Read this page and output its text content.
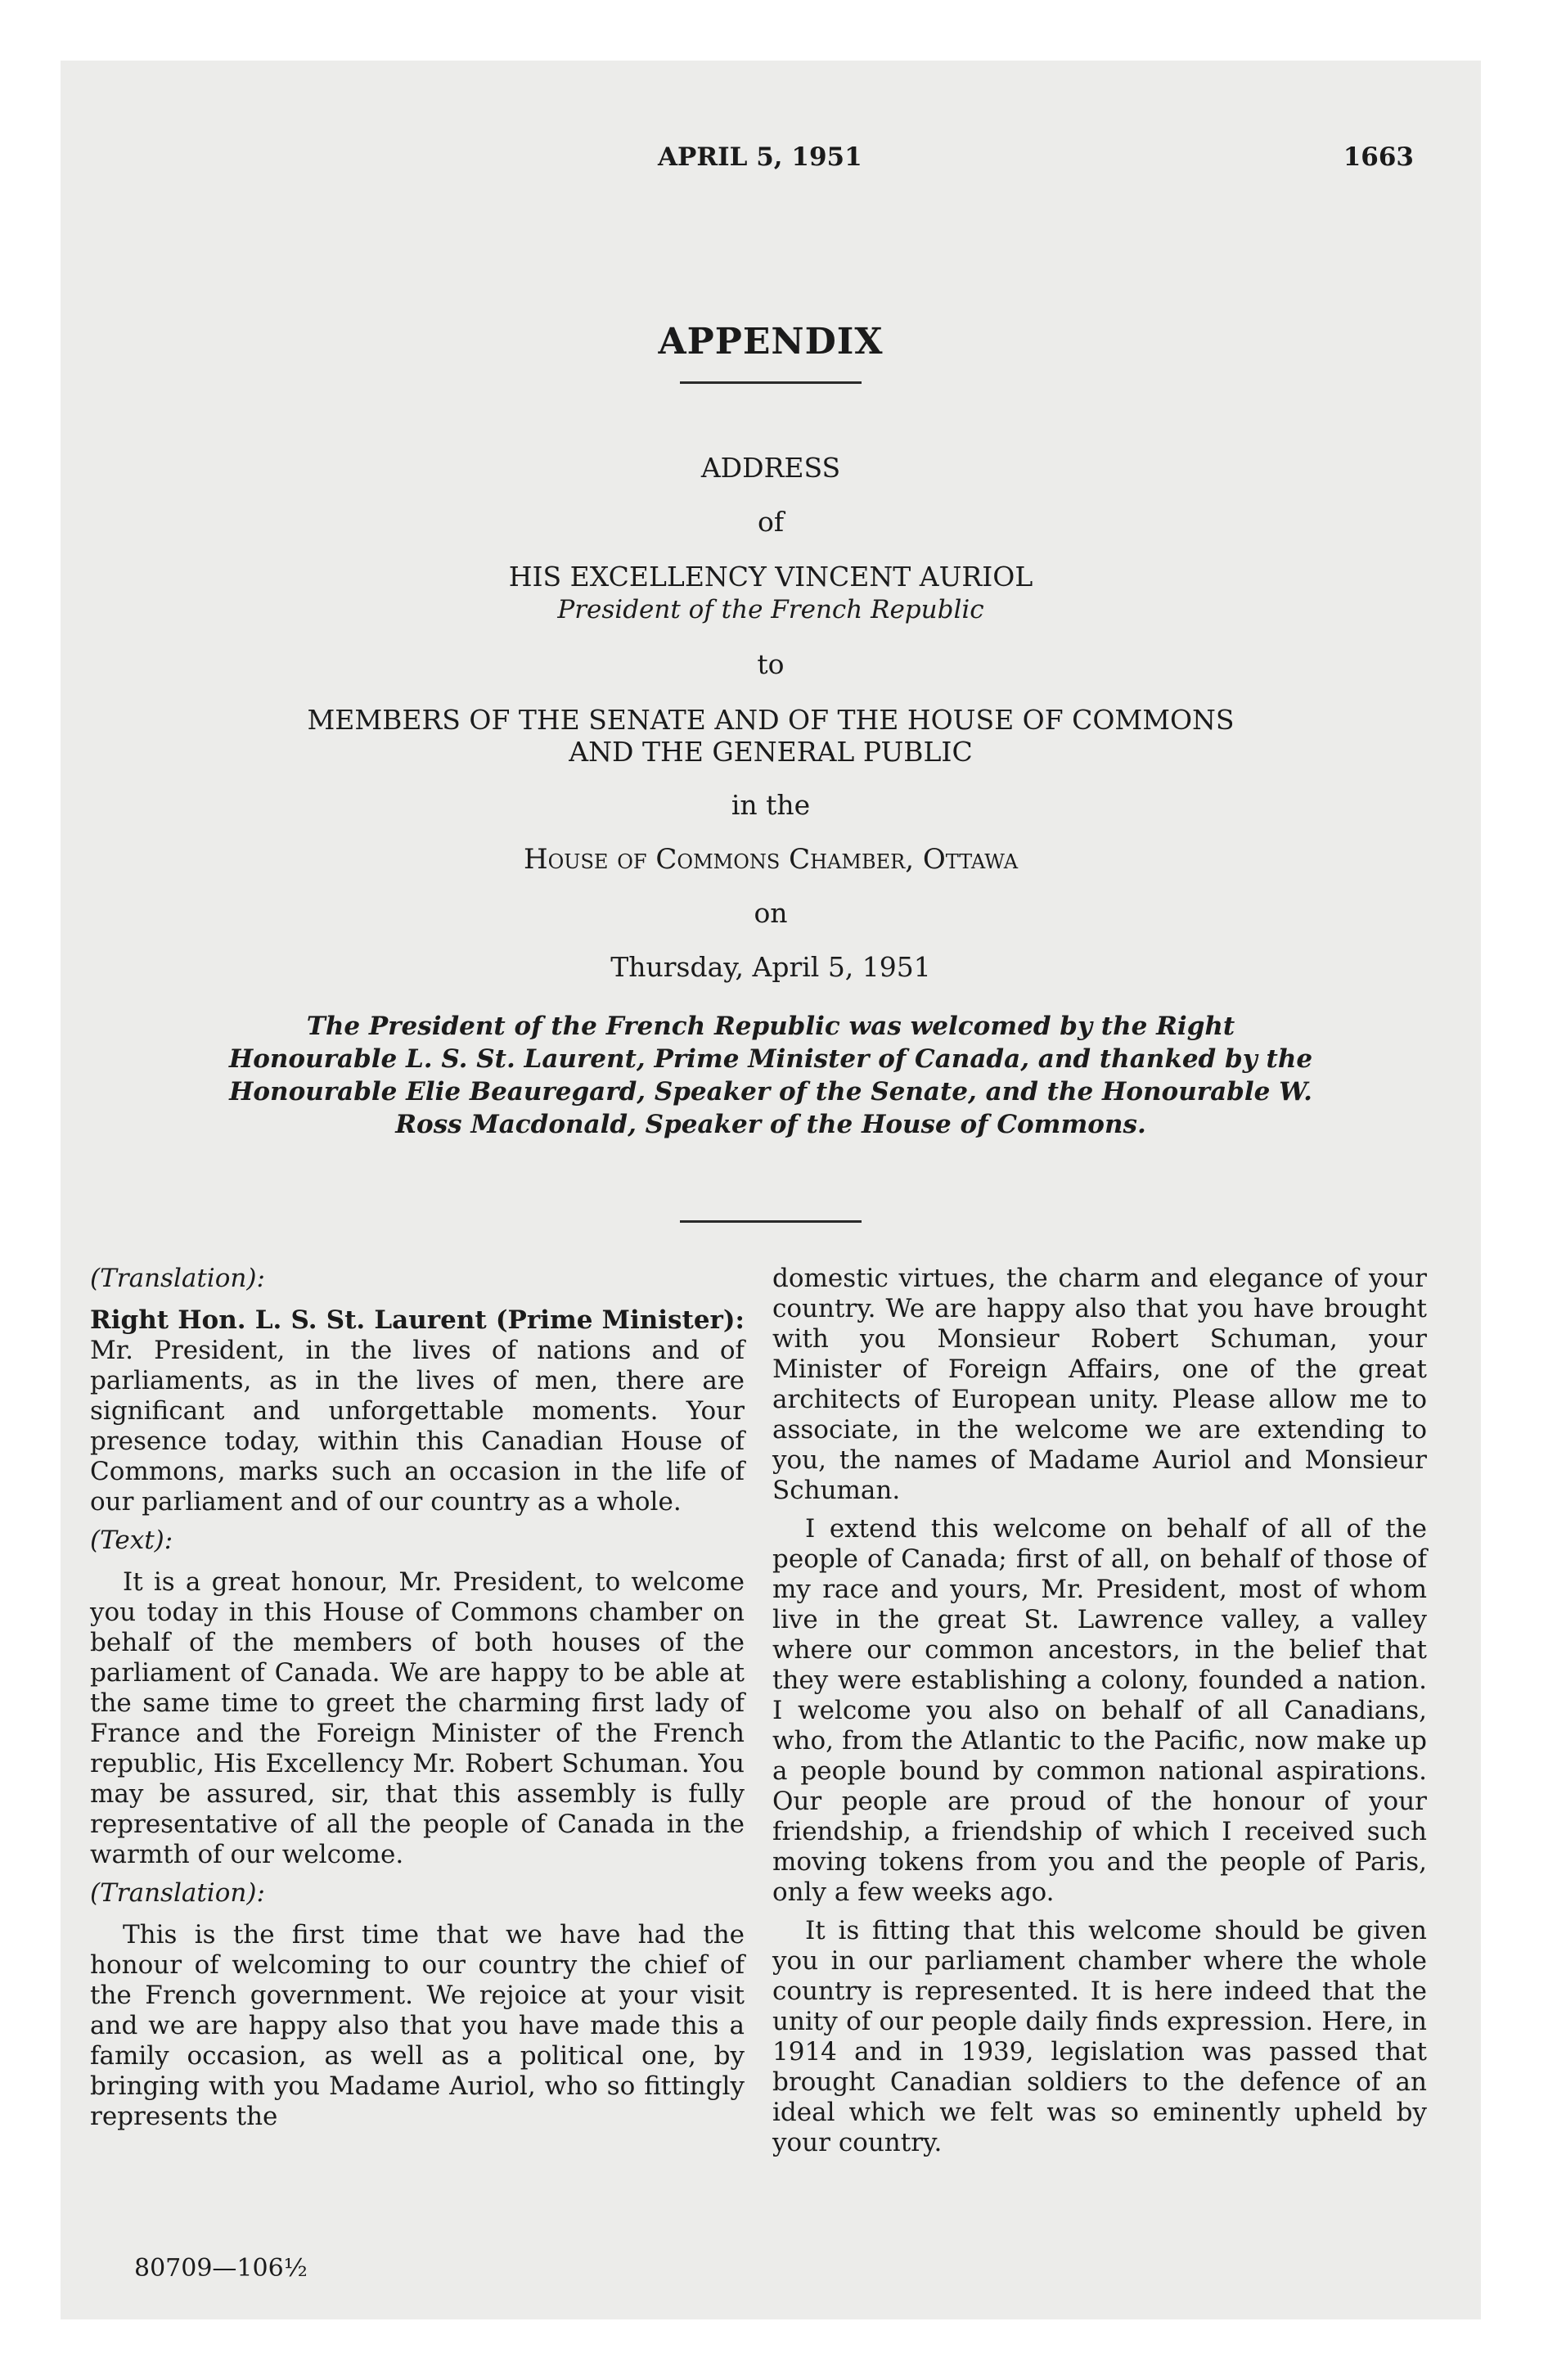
APRIL 5, 1951	1663
APPENDIX
ADDRESS
of
HIS EXCELLENCY VINCENT AURIOL
President of the French Republic
to
MEMBERS OF THE SENATE AND OF THE HOUSE OF COMMONS
AND THE GENERAL PUBLIC
in the
House of Commons Chamber, Ottawa
on
Thursday, April 5, 1951
The President of the French Republic was welcomed by the Right Honourable L. S. St. Laurent, Prime Minister of Canada, and thanked by the Honourable Elie Beauregard, Speaker of the Senate, and the Honourable W. Ross Macdonald, Speaker of the House of Commons.
(Translation):

Right Hon. L. S. St. Laurent (Prime Minister): Mr. President, in the lives of nations and of parliaments, as in the lives of men, there are significant and unforgettable moments. Your presence today, within this Canadian House of Commons, marks such an occasion in the life of our parliament and of our country as a whole.

(Text):

It is a great honour, Mr. President, to welcome you today in this House of Commons chamber on behalf of the members of both houses of the parliament of Canada. We are happy to be able at the same time to greet the charming first lady of France and the Foreign Minister of the French republic, His Excellency Mr. Robert Schuman. You may be assured, sir, that this assembly is fully representative of all the people of Canada in the warmth of our welcome.

(Translation):

This is the first time that we have had the honour of welcoming to our country the chief of the French government. We rejoice at your visit and we are happy also that you have made this a family occasion, as well as a political one, by bringing with you Madame Auriol, who so fittingly represents the

domestic virtues, the charm and elegance of your country. We are happy also that you have brought with you Monsieur Robert Schuman, your Minister of Foreign Affairs, one of the great architects of European unity. Please allow me to associate, in the welcome we are extending to you, the names of Madame Auriol and Monsieur Schuman.

I extend this welcome on behalf of all of the people of Canada; first of all, on behalf of those of my race and yours, Mr. President, most of whom live in the great St. Lawrence valley, a valley where our common ancestors, in the belief that they were establishing a colony, founded a nation. I welcome you also on behalf of all Canadians, who, from the Atlantic to the Pacific, now make up a people bound by common national aspirations. Our people are proud of the honour of your friendship, a friendship of which I received such moving tokens from you and the people of Paris, only a few weeks ago.

It is fitting that this welcome should be given you in our parliament chamber where the whole country is represented. It is here indeed that the unity of our people daily finds expression. Here, in 1914 and in 1939, legislation was passed that brought Canadian soldiers to the defence of an ideal which we felt was so eminently upheld by your country.

80709—106½
